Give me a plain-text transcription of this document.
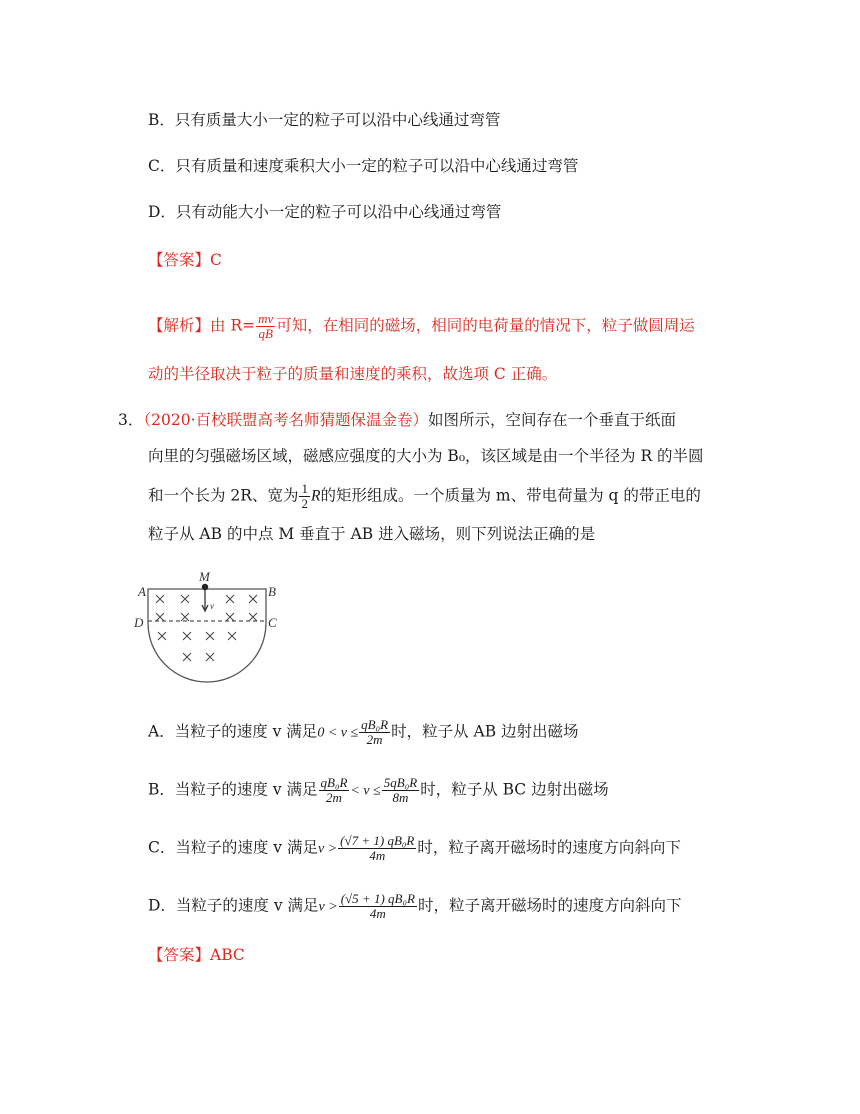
B．只有质量大小一定的粒子可以沿中心线通过弯管
C．只有质量和速度乘积大小一定的粒子可以沿中心线通过弯管
D．只有动能大小一定的粒子可以沿中心线通过弯管
【答案】C
【解析】由 $R= \frac{mv}{qB}$ 可知，在相同的磁场，相同的电荷量的情况下，粒子做圆周运
动的半径取决于粒子的质量和速度的乘积，故选项 C 正确。
3．（2020·百校联盟高考名师猜题保温金卷）如图所示，空间存在一个垂直于纸面
向里的匀强磁场区域，磁感应强度的大小为 B₀，该区域是由一个半径为 R 的半圆
和一个长为 2R、宽为 $\frac{1}{2}$ R的矩形组成。一个质量为 m、带电荷量为 q 的带正电的
粒子从 AB 的中点 M 垂直于 AB 进入磁场，则下列说法正确的是
A	B
D	C
M
v
A．当粒子的速度 v 满足$0 < v \le \frac{\text{qB₀R}}{2m}$ 时，粒子从 AB 边射出磁场
B．当粒子的速度 v 满足 $\frac{\text{qB₀R}}{2m} < v \le \frac{\text{5qB₀R}}{8m}$ 时，粒子从 BC 边射出磁场
C．当粒子的速度 v 满足$v > \frac{\text{(√7 + 1) qB₀R}}{4m}$ 时，粒子离开磁场时的速度方向斜向下
D．当粒子的速度 v 满足$v > \frac{\text{(√5 + 1) qB₀R}}{4m}$ 时，粒子离开磁场时的速度方向斜向下
【答案】ABC
